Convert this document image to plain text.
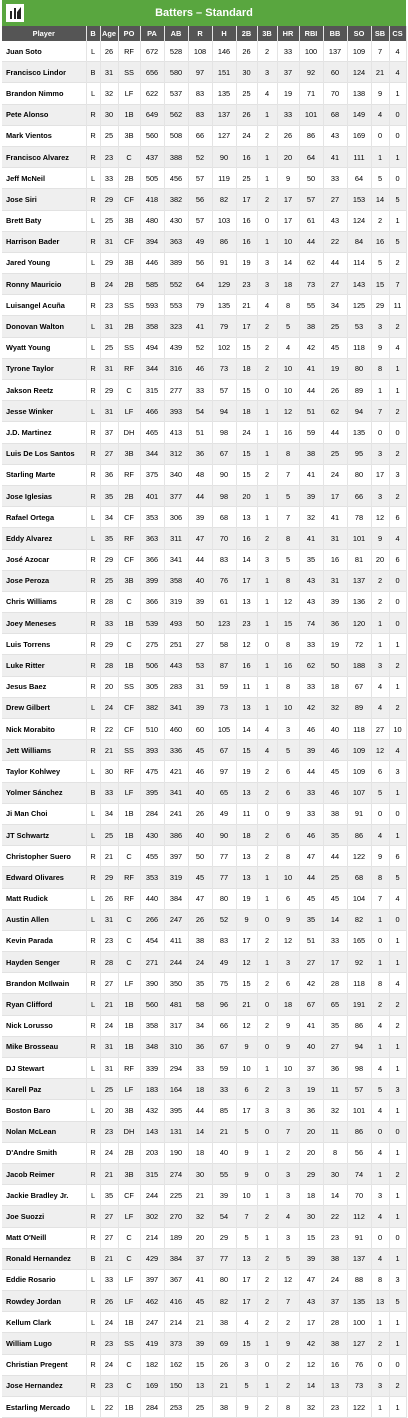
Batters – Standard
Player	B	Age	PO	PA	AB	R	H	2B	3B	HR	RBI	BB	SO	SB	CS
Juan Soto	L	26	RF	672	528	108	146	26	2	33	100	137	109	7	4
Francisco Lindor	B	31	SS	656	580	97	151	30	3	37	92	60	124	21	4
Brandon Nimmo	L	32	LF	622	537	83	135	25	4	19	71	70	138	9	1
Pete Alonso	R	30	1B	649	562	83	137	26	1	33	101	68	149	4	0
Mark Vientos	R	25	3B	560	508	66	127	24	2	26	86	43	169	0	0
Francisco Alvarez	R	23	C	437	388	52	90	16	1	20	64	41	111	1	1
Jeff McNeil	L	33	2B	505	456	57	119	25	1	9	50	33	64	5	0
Jose Siri	R	29	CF	418	382	56	82	17	2	17	57	27	153	14	5
Brett Baty	L	25	3B	480	430	57	103	16	0	17	61	43	124	2	1
Harrison Bader	R	31	CF	394	363	49	86	16	1	10	44	22	84	16	5
Jared Young	L	29	3B	446	389	56	91	19	3	14	62	44	114	5	2
Ronny Mauricio	B	24	2B	585	552	64	129	23	3	18	73	27	143	15	7
Luisangel Acuña	R	23	SS	593	553	79	135	21	4	8	55	34	125	29	11
Donovan Walton	L	31	2B	358	323	41	79	17	2	5	38	25	53	3	2
Wyatt Young	L	25	SS	494	439	52	102	15	2	4	42	45	118	9	4
Tyrone Taylor	R	31	RF	344	316	46	73	18	2	10	41	19	80	8	1
Jakson Reetz	R	29	C	315	277	33	57	15	0	10	44	26	89	1	1
Jesse Winker	L	31	LF	466	393	54	94	18	1	12	51	62	94	7	2
J.D. Martinez	R	37	DH	465	413	51	98	24	1	16	59	44	135	0	0
Luis De Los Santos	R	27	3B	344	312	36	67	15	1	8	38	25	95	3	2
Starling Marte	R	36	RF	375	340	48	90	15	2	7	41	24	80	17	3
Jose Iglesias	R	35	2B	401	377	44	98	20	1	5	39	17	66	3	2
Rafael Ortega	L	34	CF	353	306	39	68	13	1	7	32	41	78	12	6
Eddy Alvarez	L	35	RF	363	311	47	70	16	2	8	41	31	101	9	4
José Azocar	R	29	CF	366	341	44	83	14	3	5	35	16	81	20	6
Jose Peroza	R	25	3B	399	358	40	76	17	1	8	43	31	137	2	0
Chris Williams	R	28	C	366	319	39	61	13	1	12	43	39	136	2	0
Joey Meneses	R	33	1B	539	493	50	123	23	1	15	74	36	120	1	0
Luis Torrens	R	29	C	275	251	27	58	12	0	8	33	19	72	1	1
Luke Ritter	R	28	1B	506	443	53	87	16	1	16	62	50	188	3	2
Jesus Baez	R	20	SS	305	283	31	59	11	1	8	33	18	67	4	1
Drew Gilbert	L	24	CF	382	341	39	73	13	1	10	42	32	89	4	2
Nick Morabito	R	22	CF	510	460	60	105	14	4	3	46	40	118	27	10
Jett Williams	R	21	SS	393	336	45	67	15	4	5	39	46	109	12	4
Taylor Kohlwey	L	30	RF	475	421	46	97	19	2	6	44	45	109	6	3
Yolmer Sánchez	B	33	LF	395	341	40	65	13	2	6	33	46	107	5	1
Ji Man Choi	L	34	1B	284	241	26	49	11	0	9	33	38	91	0	0
JT Schwartz	L	25	1B	430	386	40	90	18	2	6	46	35	86	4	1
Christopher Suero	R	21	C	455	397	50	77	13	2	8	47	44	122	9	6
Edward Olivares	R	29	RF	353	319	45	77	13	1	10	44	25	68	8	5
Matt Rudick	L	26	RF	440	384	47	80	19	1	6	45	45	104	7	4
Austin Allen	L	31	C	266	247	26	52	9	0	9	35	14	82	1	0
Kevin Parada	R	23	C	454	411	38	83	17	2	12	51	33	165	0	1
Hayden Senger	R	28	C	271	244	24	49	12	1	3	27	17	92	1	1
Brandon McIlwain	R	27	LF	390	350	35	75	15	2	6	42	28	118	8	4
Ryan Clifford	L	21	1B	560	481	58	96	21	0	18	67	65	191	2	2
Nick Lorusso	R	24	1B	358	317	34	66	12	2	9	41	35	86	4	2
Mike Brosseau	R	31	1B	348	310	36	67	9	0	9	40	27	94	1	1
DJ Stewart	L	31	RF	339	294	33	59	10	1	10	37	36	98	4	1
Karell Paz	L	25	LF	183	164	18	33	6	2	3	19	11	57	5	3
Boston Baro	L	20	3B	432	395	44	85	17	3	3	36	32	101	4	1
Nolan McLean	R	23	DH	143	131	14	21	5	0	7	20	11	86	0	0
D'Andre Smith	R	24	2B	203	190	18	40	9	1	2	20	8	56	4	1
Jacob Reimer	R	21	3B	315	274	30	55	9	0	3	29	30	74	1	2
Jackie Bradley Jr.	L	35	CF	244	225	21	39	10	1	3	18	14	70	3	1
Joe Suozzi	R	27	LF	302	270	32	54	7	2	4	30	22	112	4	1
Matt O'Neill	R	27	C	214	189	20	29	5	1	3	15	23	91	0	0
Ronald Hernandez	B	21	C	429	384	37	77	13	2	5	39	38	137	4	1
Eddie Rosario	L	33	LF	397	367	41	80	17	2	12	47	24	88	8	3
Rowdey Jordan	R	26	LF	462	416	45	82	17	2	7	43	37	135	13	5
Kellum Clark	L	24	1B	247	214	21	38	4	2	2	17	28	100	1	1
William Lugo	R	23	SS	419	373	39	69	15	1	9	42	38	127	2	1
Christian Pregent	R	24	C	182	162	15	26	3	0	2	12	16	76	0	0
Jose Hernandez	R	23	C	169	150	13	21	5	1	2	14	13	73	3	2
Estarling Mercado	L	22	1B	284	253	25	38	9	2	8	32	23	122	1	1
